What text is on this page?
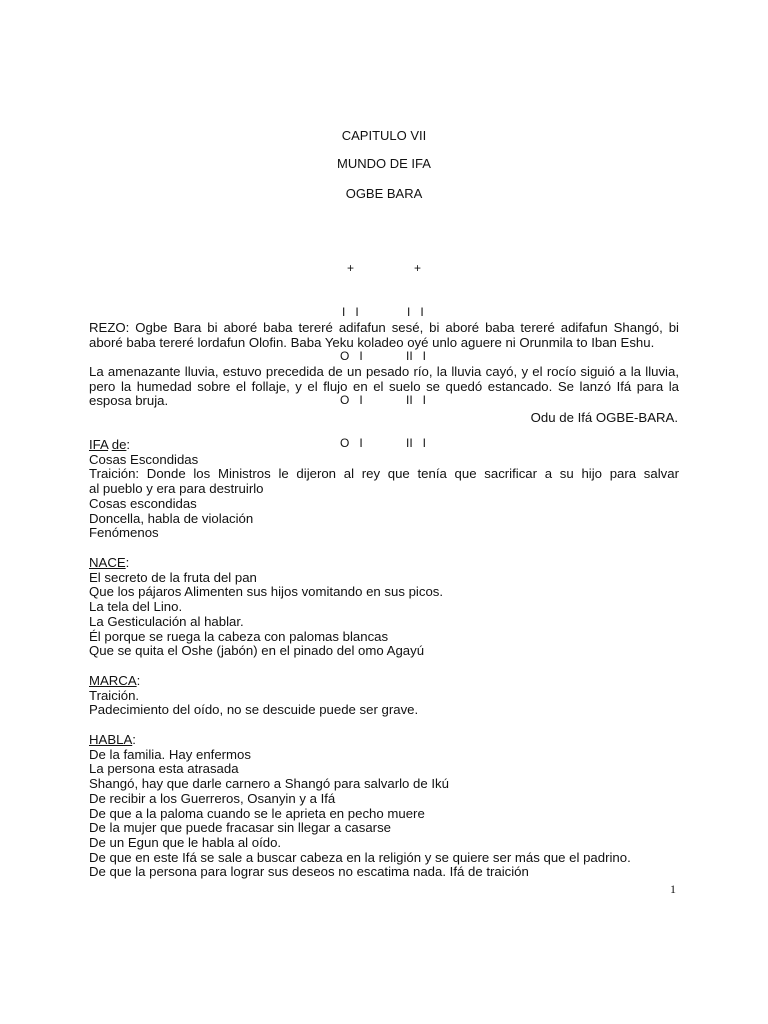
CAPITULO VII
MUNDO DE IFA
OGBE BARA

+

I   I

O   I

O   I

O   I

+

I   I

II   I

II   I

II   I

REZO: Ogbe Bara bi aboré baba tereré adifafun sesé, bi aboré baba tereré adifafun Shangó, bi
aboré baba tereré lordafun Olofin. Baba Yeku koladeo oyé unlo aguere ni Orunmila to Iban Eshu.
La amenazante lluvia, estuvo precedida de un pesado río, la lluvia cayó, y el rocío siguió a la lluvia,
pero la humedad sobre el follaje, y el flujo en el suelo se quedó estancado. Se lanzó Ifá para la
esposa bruja.
Odu de Ifá OGBE-BARA.
IFA de:
Cosas Escondidas
Traición: Donde los Ministros le dijeron al rey que tenía que sacrificar a su hijo para salvar
al pueblo y era para destruirlo
Cosas escondidas
Doncella, habla de violación
Fenómenos
NACE:
El secreto de la fruta del pan
Que los pájaros Alimenten sus hijos vomitando en sus picos.
La tela del Lino.
La Gesticulación al hablar.
Él porque se ruega la cabeza con palomas blancas
Que se quita el Oshe (jabón) en el pinado del omo Agayú
MARCA:
Traición.
Padecimiento del oído, no se descuide puede ser grave.
HABLA:
De la familia. Hay enfermos
La persona esta atrasada
Shangó, hay que darle carnero a Shangó para salvarlo de Ikú
De recibir a los Guerreros, Osanyin y a Ifá
De que a la paloma cuando se le aprieta en pecho muere
De la mujer que puede fracasar sin llegar a casarse
De un Egun que le habla al oído.
De que en este Ifá se sale a buscar cabeza en la religión y se quiere ser más que el padrino.
De que la persona para lograr sus deseos no escatima nada. Ifá de traición
1
